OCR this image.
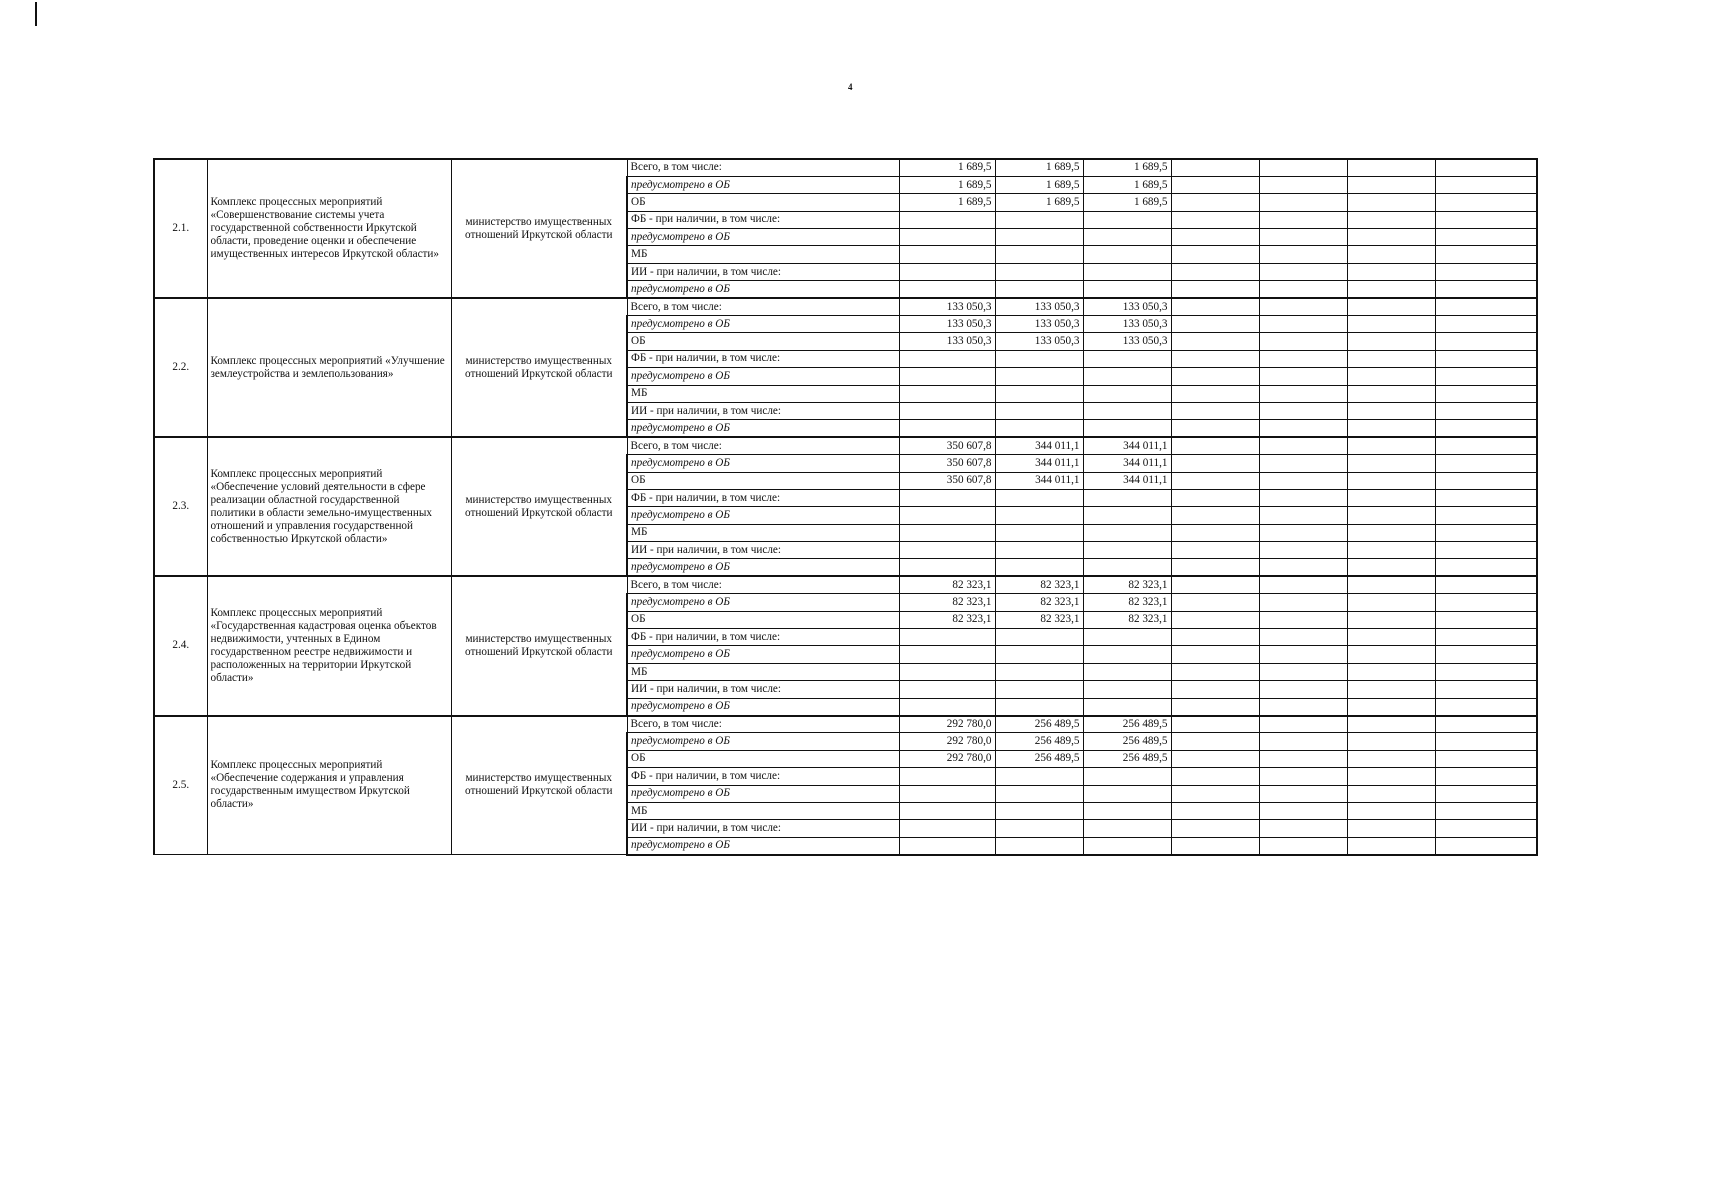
4
2.1.	Комплекс процессных мероприятий «Совершенствование системы учета государственной собственности Иркутской области, проведение оценки и обеспечение имущественных интересов Иркутской области»	министерство имущественных отношений Иркутской области	Всего, в том числе:	1 689,5	1 689,5	1 689,5				
			предусмотрено в ОБ	1 689,5	1 689,5	1 689,5				
			ОБ	1 689,5	1 689,5	1 689,5				
			ФБ - при наличии, в том числе:							
			предусмотрено в ОБ							
			МБ							
			ИИ - при наличии, в том числе:							
			предусмотрено в ОБ							
2.2.	Комплекс процессных мероприятий «Улучшение землеустройства и землепользования»	министерство имущественных отношений Иркутской области	Всего, в том числе:	133 050,3	133 050,3	133 050,3				
			предусмотрено в ОБ	133 050,3	133 050,3	133 050,3				
			ОБ	133 050,3	133 050,3	133 050,3				
			ФБ - при наличии, в том числе:							
			предусмотрено в ОБ							
			МБ							
			ИИ - при наличии, в том числе:							
			предусмотрено в ОБ							
2.3.	Комплекс процессных мероприятий «Обеспечение условий деятельности в сфере реализации областной государственной политики в области земельно-имущественных отношений и управления государственной собственностью Иркутской области»	министерство имущественных отношений Иркутской области	Всего, в том числе:	350 607,8	344 011,1	344 011,1				
			предусмотрено в ОБ	350 607,8	344 011,1	344 011,1				
			ОБ	350 607,8	344 011,1	344 011,1				
			ФБ - при наличии, в том числе:							
			предусмотрено в ОБ							
			МБ							
			ИИ - при наличии, в том числе:							
			предусмотрено в ОБ							
2.4.	Комплекс процессных мероприятий «Государственная кадастровая оценка объектов недвижимости, учтенных в Едином государственном реестре недвижимости и расположенных на территории Иркутской области»	министерство имущественных отношений Иркутской области	Всего, в том числе:	82 323,1	82 323,1	82 323,1				
			предусмотрено в ОБ	82 323,1	82 323,1	82 323,1				
			ОБ	82 323,1	82 323,1	82 323,1				
			ФБ - при наличии, в том числе:							
			предусмотрено в ОБ							
			МБ							
			ИИ - при наличии, в том числе:							
			предусмотрено в ОБ							
2.5.	Комплекс процессных мероприятий «Обеспечение содержания и управления государственным имуществом Иркутской области»	министерство имущественных отношений Иркутской области	Всего, в том числе:	292 780,0	256 489,5	256 489,5				
			предусмотрено в ОБ	292 780,0	256 489,5	256 489,5				
			ОБ	292 780,0	256 489,5	256 489,5				
			ФБ - при наличии, в том числе:							
			предусмотрено в ОБ							
			МБ							
			ИИ - при наличии, в том числе:							
			предусмотрено в ОБ							
